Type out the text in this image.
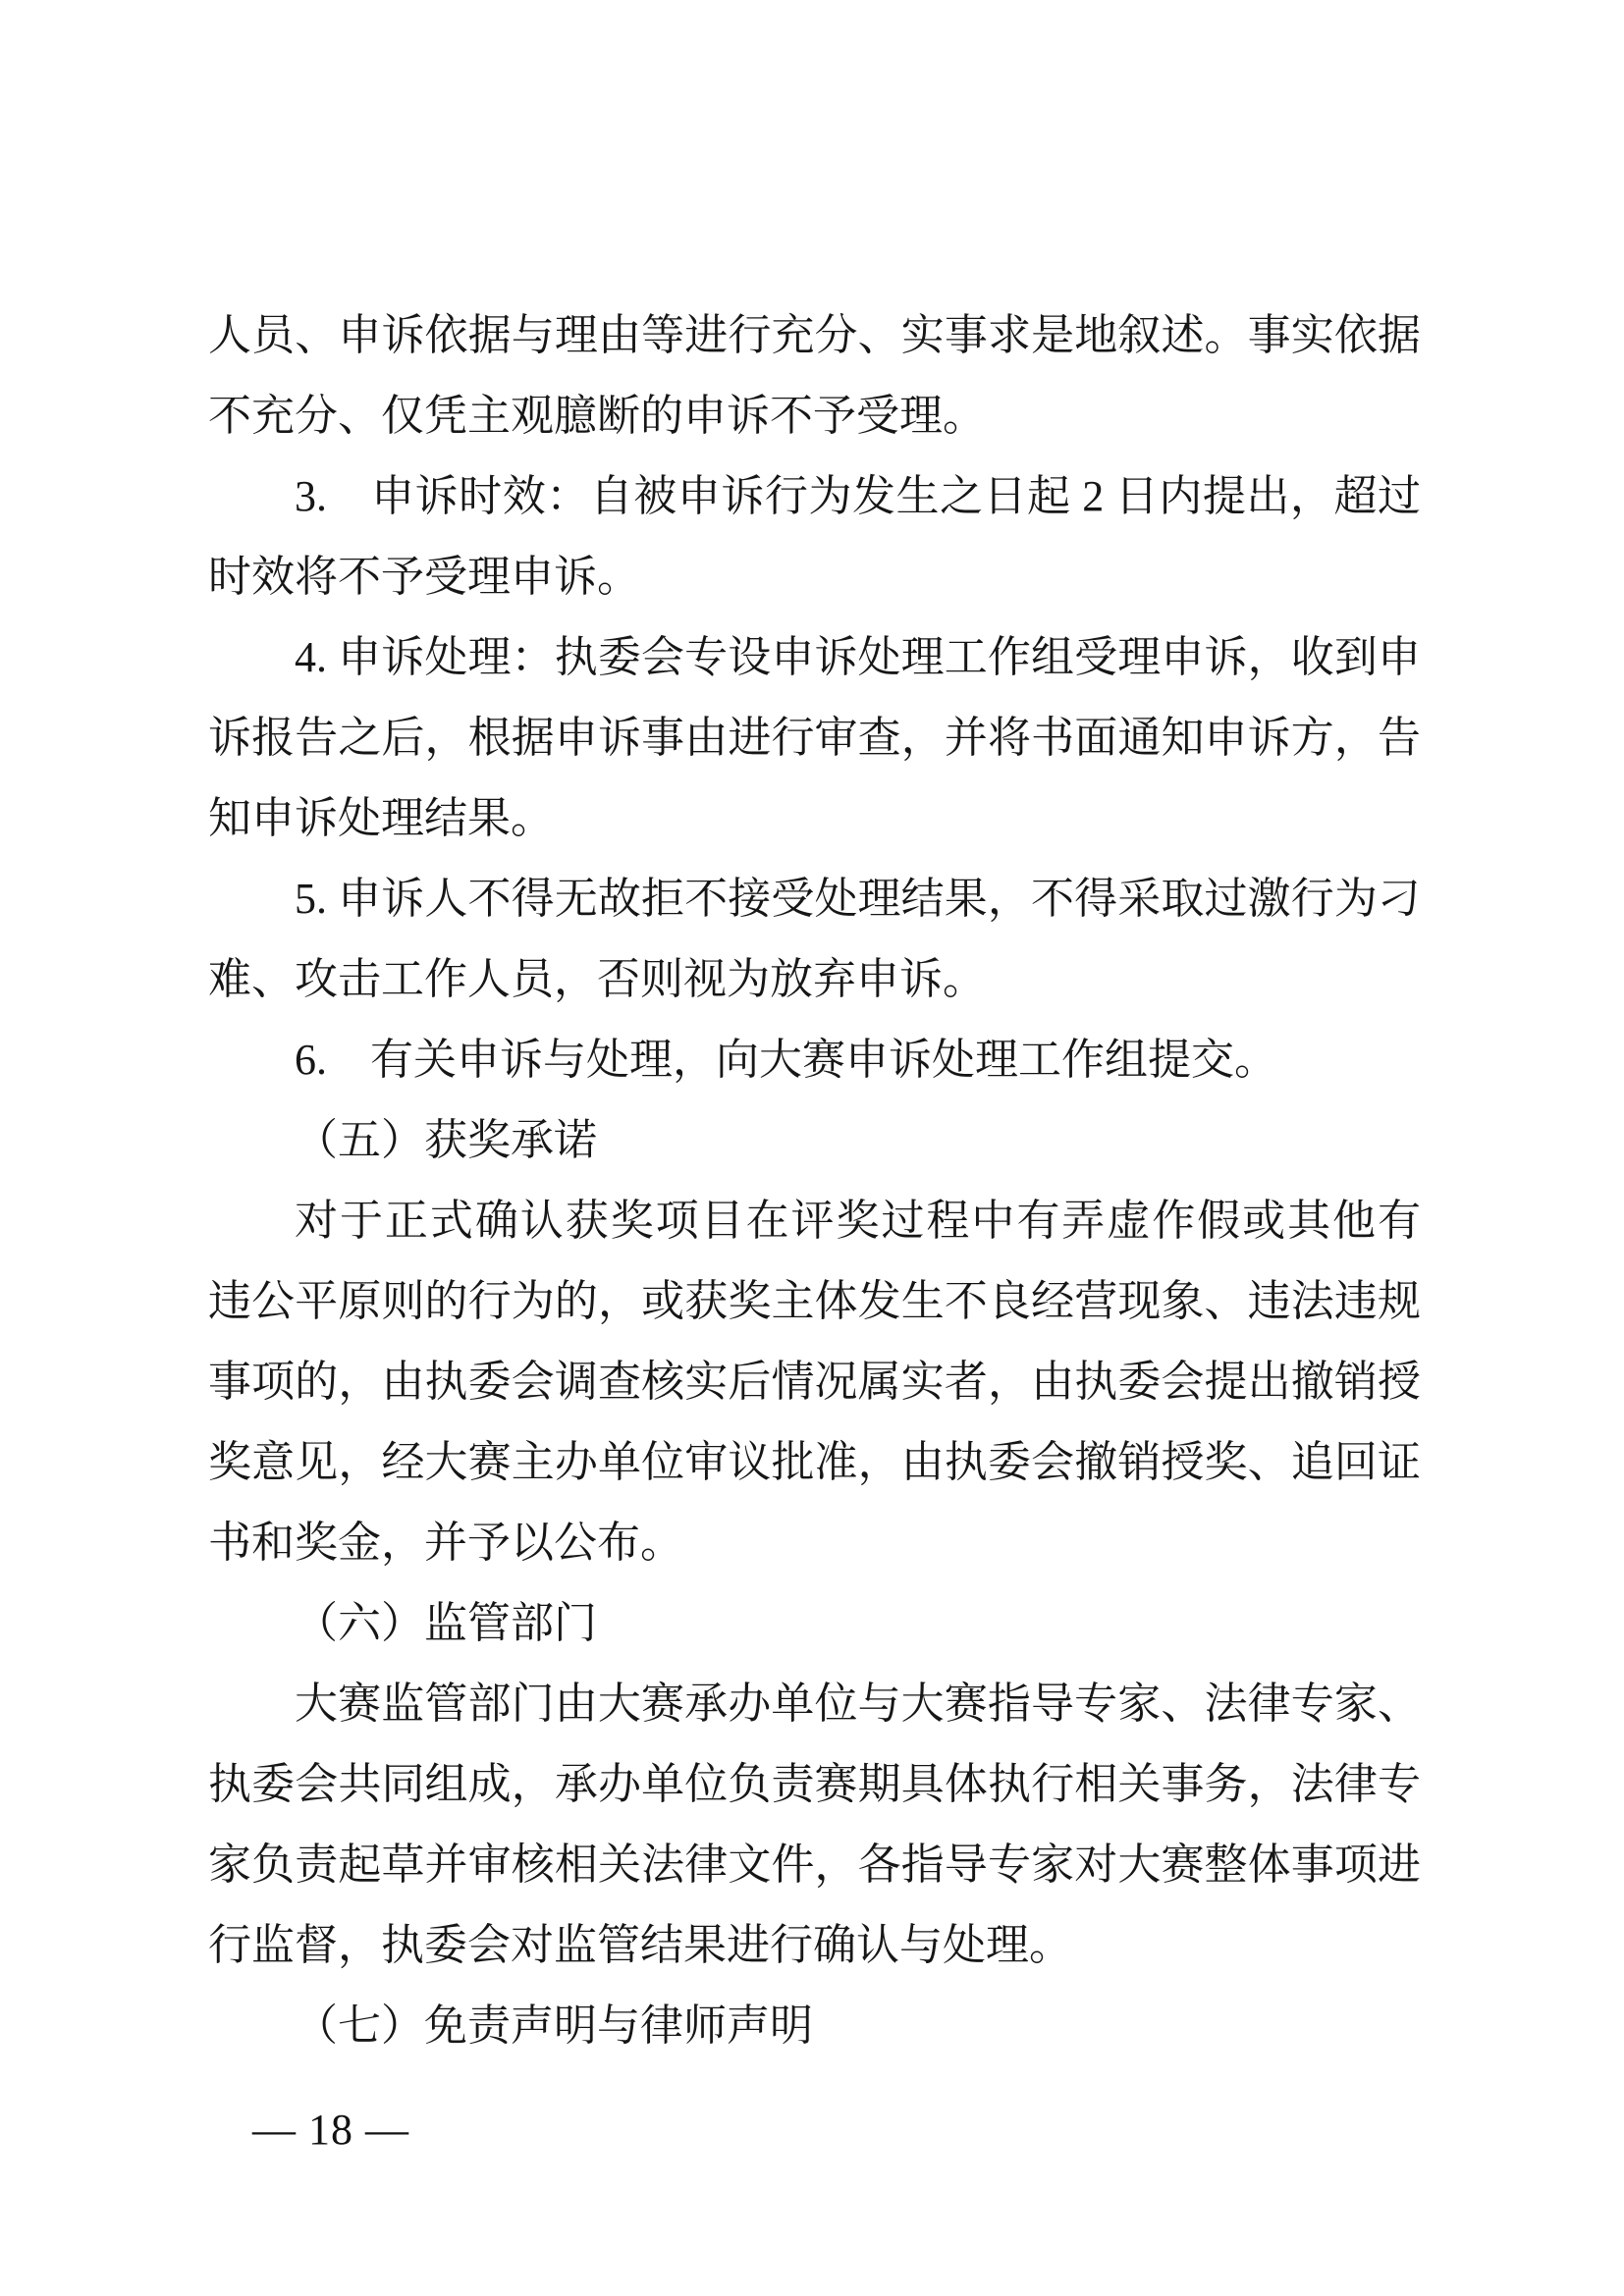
人员、申诉依据与理由等进行充分、实事求是地叙述。事实依据
不充分、仅凭主观臆断的申诉不予受理。
3.　申诉时效：自被申诉行为发生之日起 2 日内提出，超过
时效将不予受理申诉。
4. 申诉处理：执委会专设申诉处理工作组受理申诉，收到申
诉报告之后，根据申诉事由进行审查，并将书面通知申诉方，告
知申诉处理结果。
5. 申诉人不得无故拒不接受处理结果，不得采取过激行为刁
难、攻击工作人员，否则视为放弃申诉。
6.　有关申诉与处理，向大赛申诉处理工作组提交。
（五）获奖承诺
对于正式确认获奖项目在评奖过程中有弄虚作假或其他有
违公平原则的行为的，或获奖主体发生不良经营现象、违法违规
事项的，由执委会调查核实后情况属实者，由执委会提出撤销授
奖意见，经大赛主办单位审议批准，由执委会撤销授奖、追回证
书和奖金，并予以公布。
（六）监管部门
大赛监管部门由大赛承办单位与大赛指导专家、法律专家、
执委会共同组成，承办单位负责赛期具体执行相关事务，法律专
家负责起草并审核相关法律文件，各指导专家对大赛整体事项进
行监督，执委会对监管结果进行确认与处理。
（七）免责声明与律师声明
— 18 —
